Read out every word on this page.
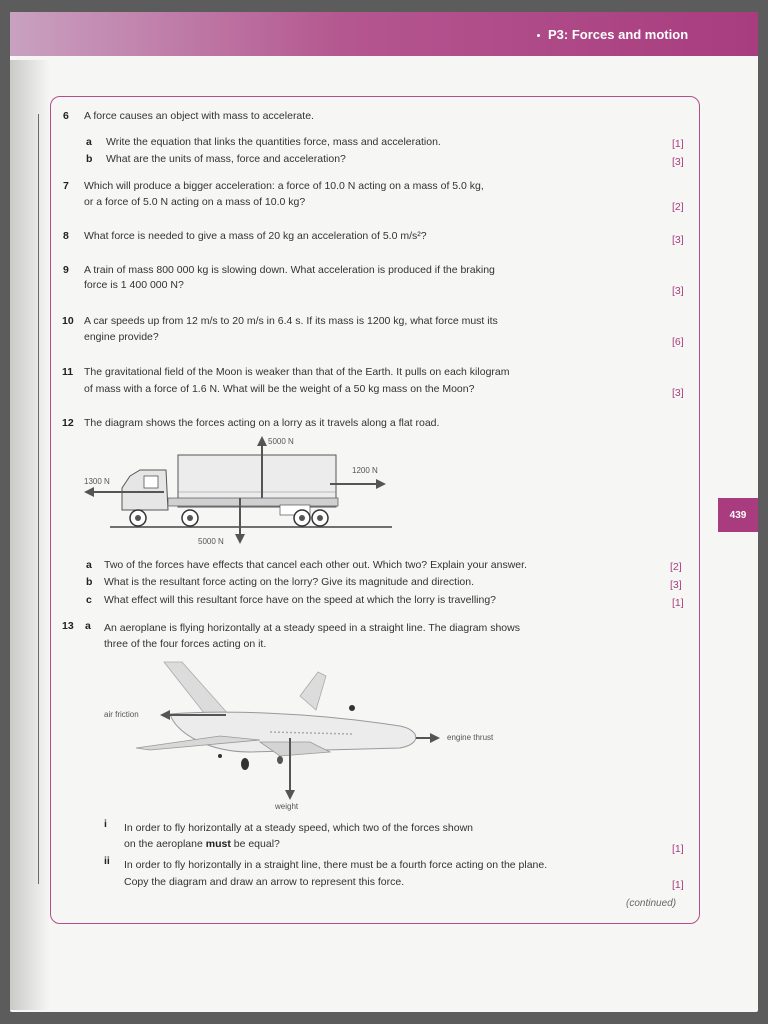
P3: Forces and motion
439
6 A force causes an object with mass to accelerate.
a Write the equation that links the quantities force, mass and acceleration.	[1]
b What are the units of mass, force and acceleration?	[3]
7 Which will produce a bigger acceleration: a force of 10.0 N acting on a mass of 5.0 kg,
or a force of 5.0 N acting on a mass of 10.0 kg?	[2]
8 What force is needed to give a mass of 20 kg an acceleration of 5.0 m/s²?	[3]
9 A train of mass 800 000 kg is slowing down. What acceleration is produced if the braking
force is 1 400 000 N?	[3]
10 A car speeds up from 12 m/s to 20 m/s in 6.4 s. If its mass is 1200 kg, what force must its
engine provide?	[6]
11 The gravitational field of the Moon is weaker than that of the Earth. It pulls on each kilogram
of mass with a force of 1.6 N. What will be the weight of a 50 kg mass on the Moon?	[3]
12 The diagram shows the forces acting on a lorry as it travels along a flat road.
5000 N
5000 N
1300 N
1200 N
a Two of the forces have effects that cancel each other out. Which two? Explain your answer.	[2]
b What is the resultant force acting on the lorry? Give its magnitude and direction.	[3]
c What effect will this resultant force have on the speed at which the lorry is travelling?	[1]
13 a An aeroplane is flying horizontally at a steady speed in a straight line. The diagram shows
three of the four forces acting on it.
air friction
engine thrust
weight
i In order to fly horizontally at a steady speed, which two of the forces shown
on the aeroplane must be equal?	[1]
ii In order to fly horizontally in a straight line, there must be a fourth force acting on the plane.
Copy the diagram and draw an arrow to represent this force.	[1]
(continued)
